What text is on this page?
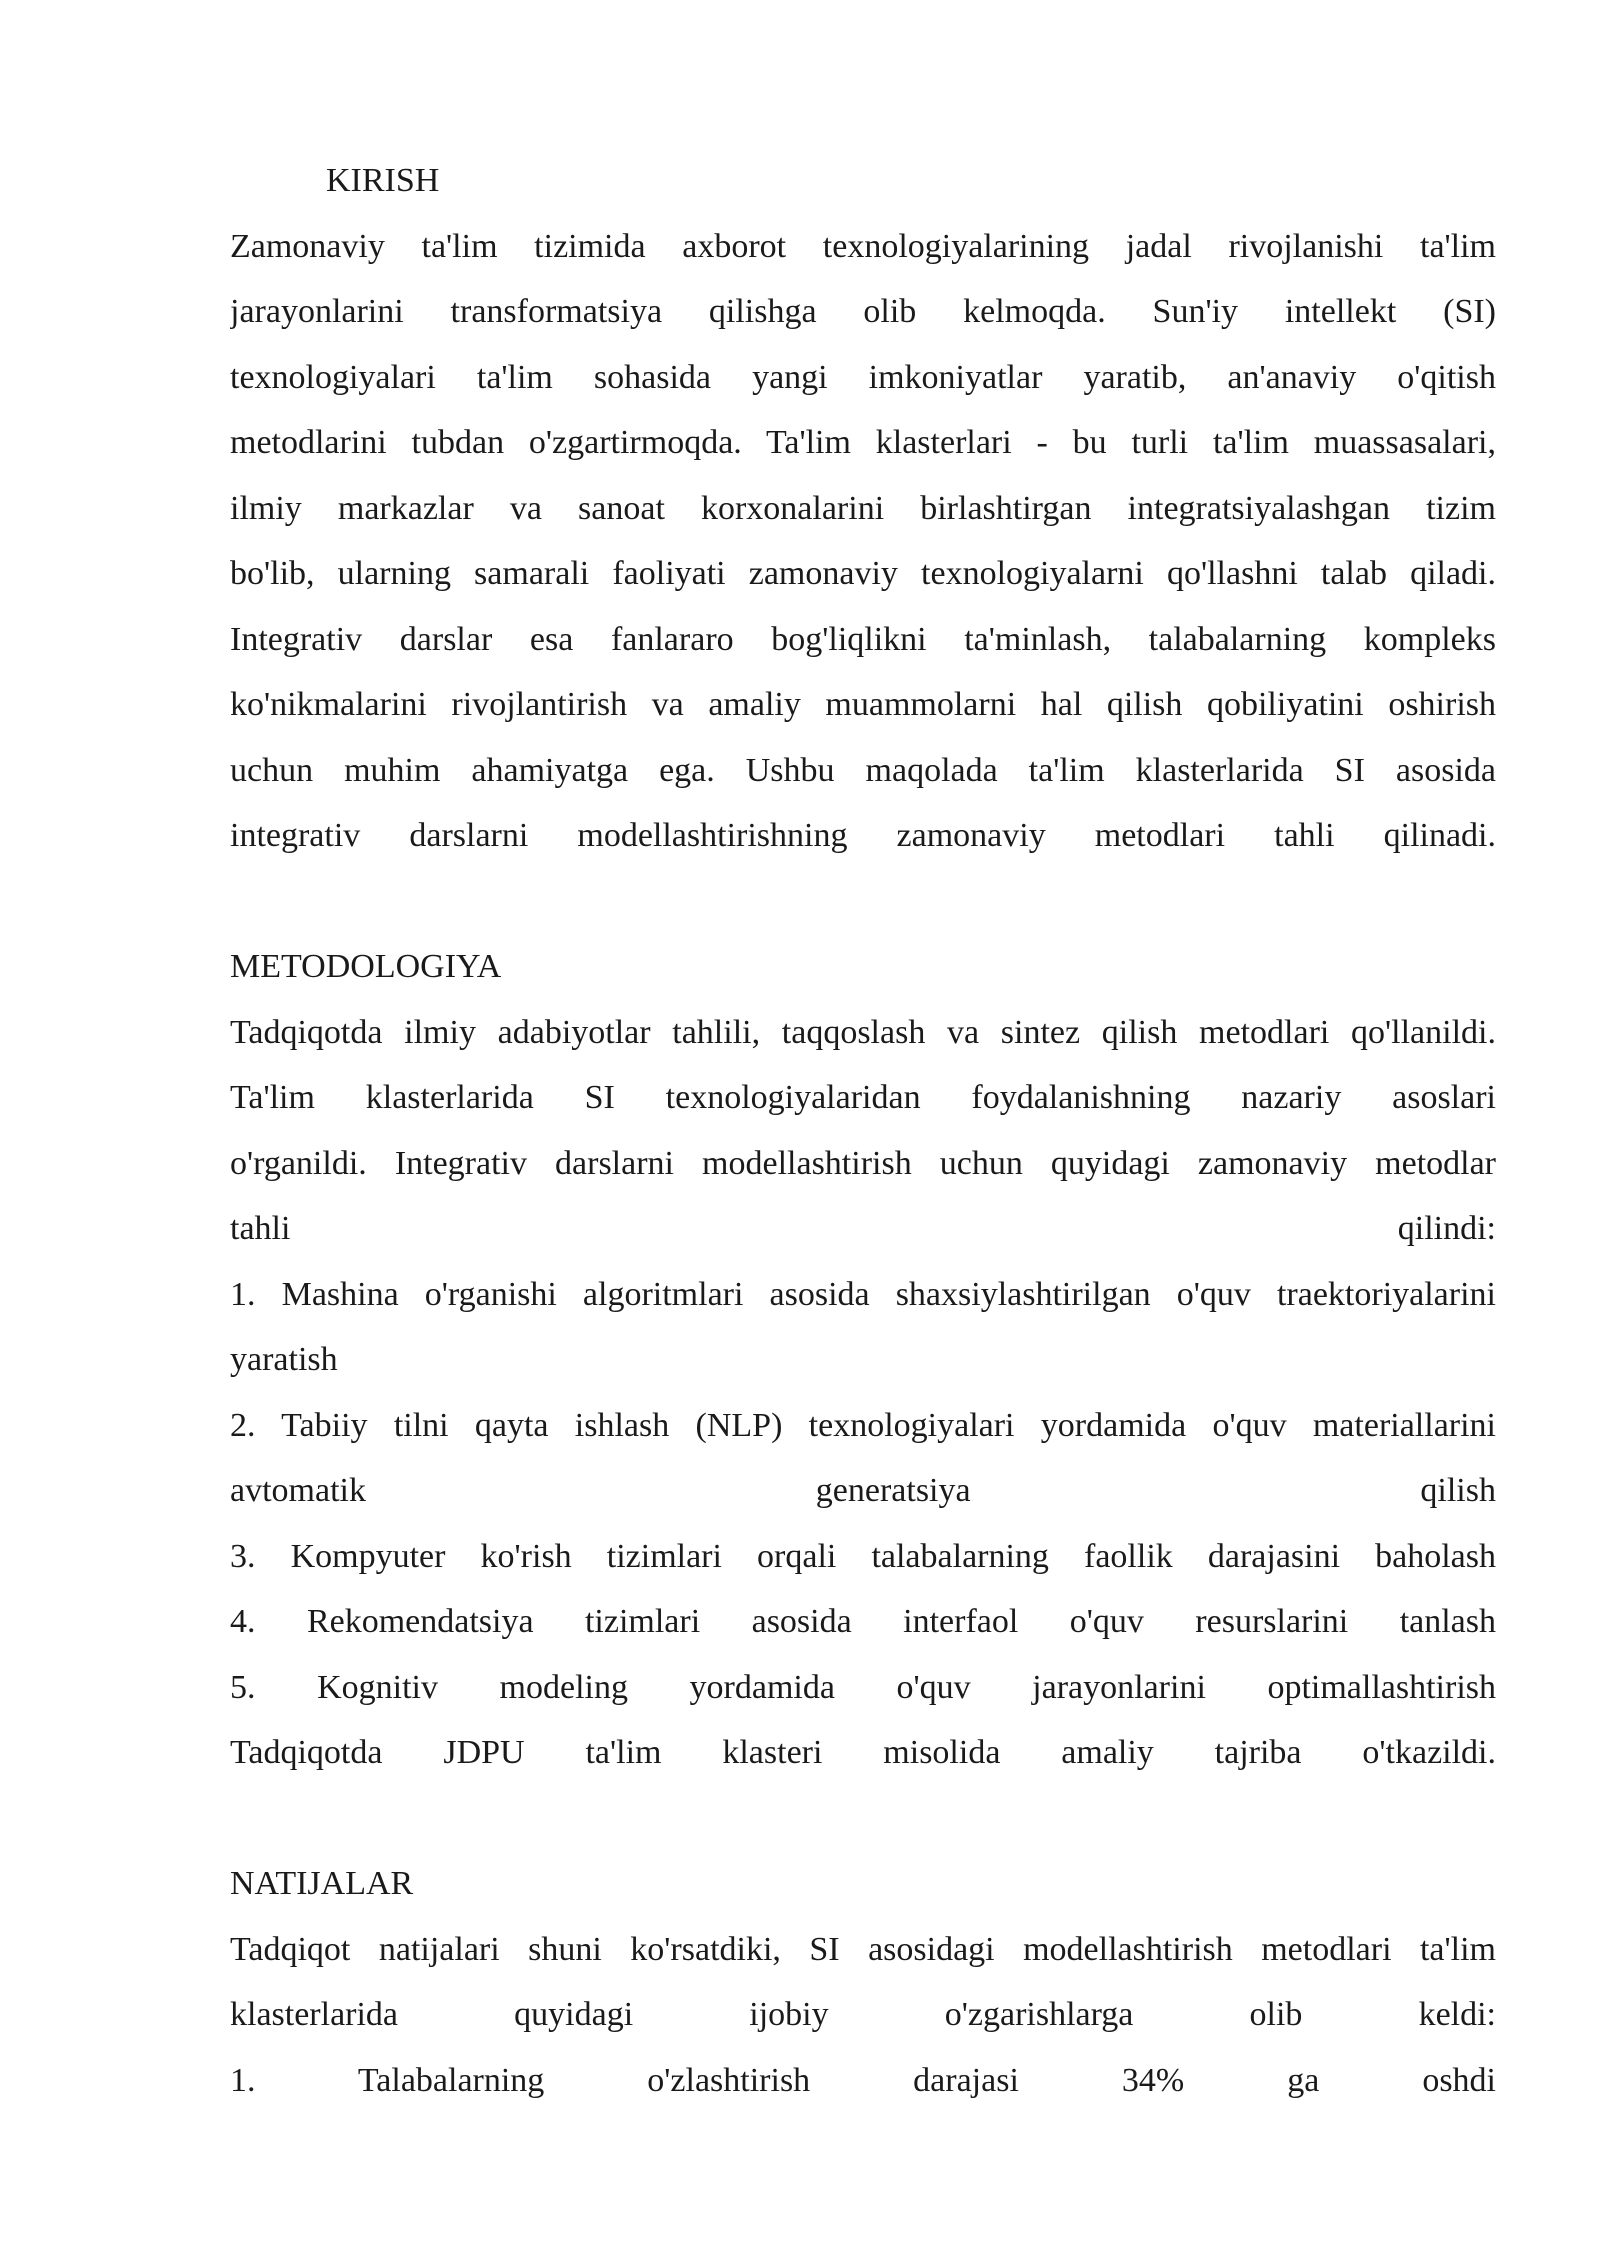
KIRISH
Zamonaviy ta'lim tizimida axborot texnologiyalarining jadal rivojlanishi ta'lim
jarayonlarini transformatsiya qilishga olib kelmoqda. Sun'iy intellekt (SI)
texnologiyalari ta'lim sohasida yangi imkoniyatlar yaratib, an'anaviy o'qitish
metodlarini tubdan o'zgartirmoqda. Ta'lim klasterlari - bu turli ta'lim muassasalari,
ilmiy markazlar va sanoat korxonalarini birlashtirgan integratsiyalashgan tizim
bo'lib, ularning samarali faoliyati zamonaviy texnologiyalarni qo'llashni talab qiladi.
Integrativ darslar esa fanlararo bog'liqlikni ta'minlash, talabalarning kompleks
ko'nikmalarini rivojlantirish va amaliy muammolarni hal qilish qobiliyatini oshirish
uchun muhim ahamiyatga ega. Ushbu maqolada ta'lim klasterlarida SI asosida
integrativ darslarni modellashtirishning zamonaviy metodlari tahli qilinadi.
METODOLOGIYA
Tadqiqotda ilmiy adabiyotlar tahlili, taqqoslash va sintez qilish metodlari qo'llanildi.
Ta'lim klasterlarida SI texnologiyalaridan foydalanishning nazariy asoslari
o'rganildi. Integrativ darslarni modellashtirish uchun quyidagi zamonaviy metodlar
tahli qilindi:
1. Mashina o'rganishi algoritmlari asosida shaxsiylashtirilgan o'quv traektoriyalarini
yaratish
2. Tabiiy tilni qayta ishlash (NLP) texnologiyalari yordamida o'quv materiallarini
avtomatik generatsiya qilish
3. Kompyuter ko'rish tizimlari orqali talabalarning faollik darajasini baholash
4. Rekomendatsiya tizimlari asosida interfaol o'quv resurslarini tanlash
5. Kognitiv modeling yordamida o'quv jarayonlarini optimallashtirish
Tadqiqotda JDPU ta'lim klasteri misolida amaliy tajriba o'tkazildi.
NATIJALAR
Tadqiqot natijalari shuni ko'rsatdiki, SI asosidagi modellashtirish metodlari ta'lim
klasterlarida quyidagi ijobiy o'zgarishlarga olib keldi:
1. Talabalarning o'zlashtirish darajasi 34% ga oshdi
